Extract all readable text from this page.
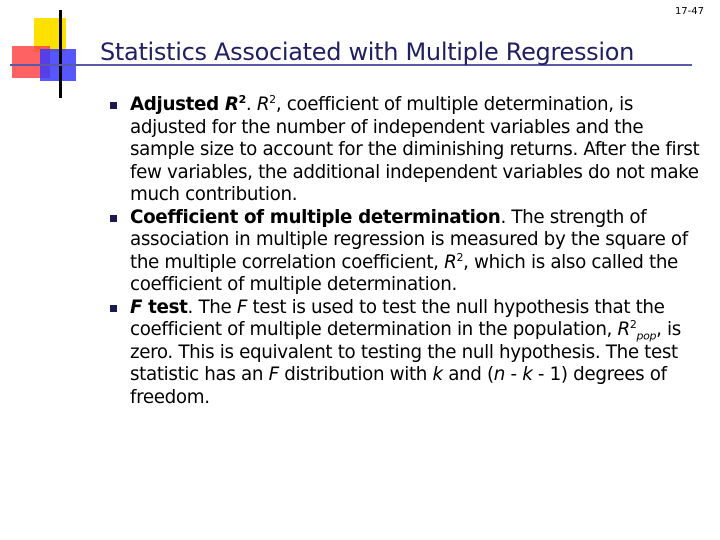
17-47
Statistics Associated with Multiple Regression
Adjusted $R^2$. $R^2$, coefficient of multiple determination, is adjusted for the number of independent variables and the sample size to account for the diminishing returns. After the first few variables, the additional independent variables do not make much contribution.
Coefficient of multiple determination. The strength of association in multiple regression is measured by the square of the multiple correlation coefficient, $R^2$, which is also called the coefficient of multiple determination.
F test. The F test is used to test the null hypothesis that the coefficient of multiple determination in the population, $R^2_{pop}$, is zero. This is equivalent to testing the null hypothesis. The test statistic has an F distribution with k and (n - k - 1) degrees of freedom.
